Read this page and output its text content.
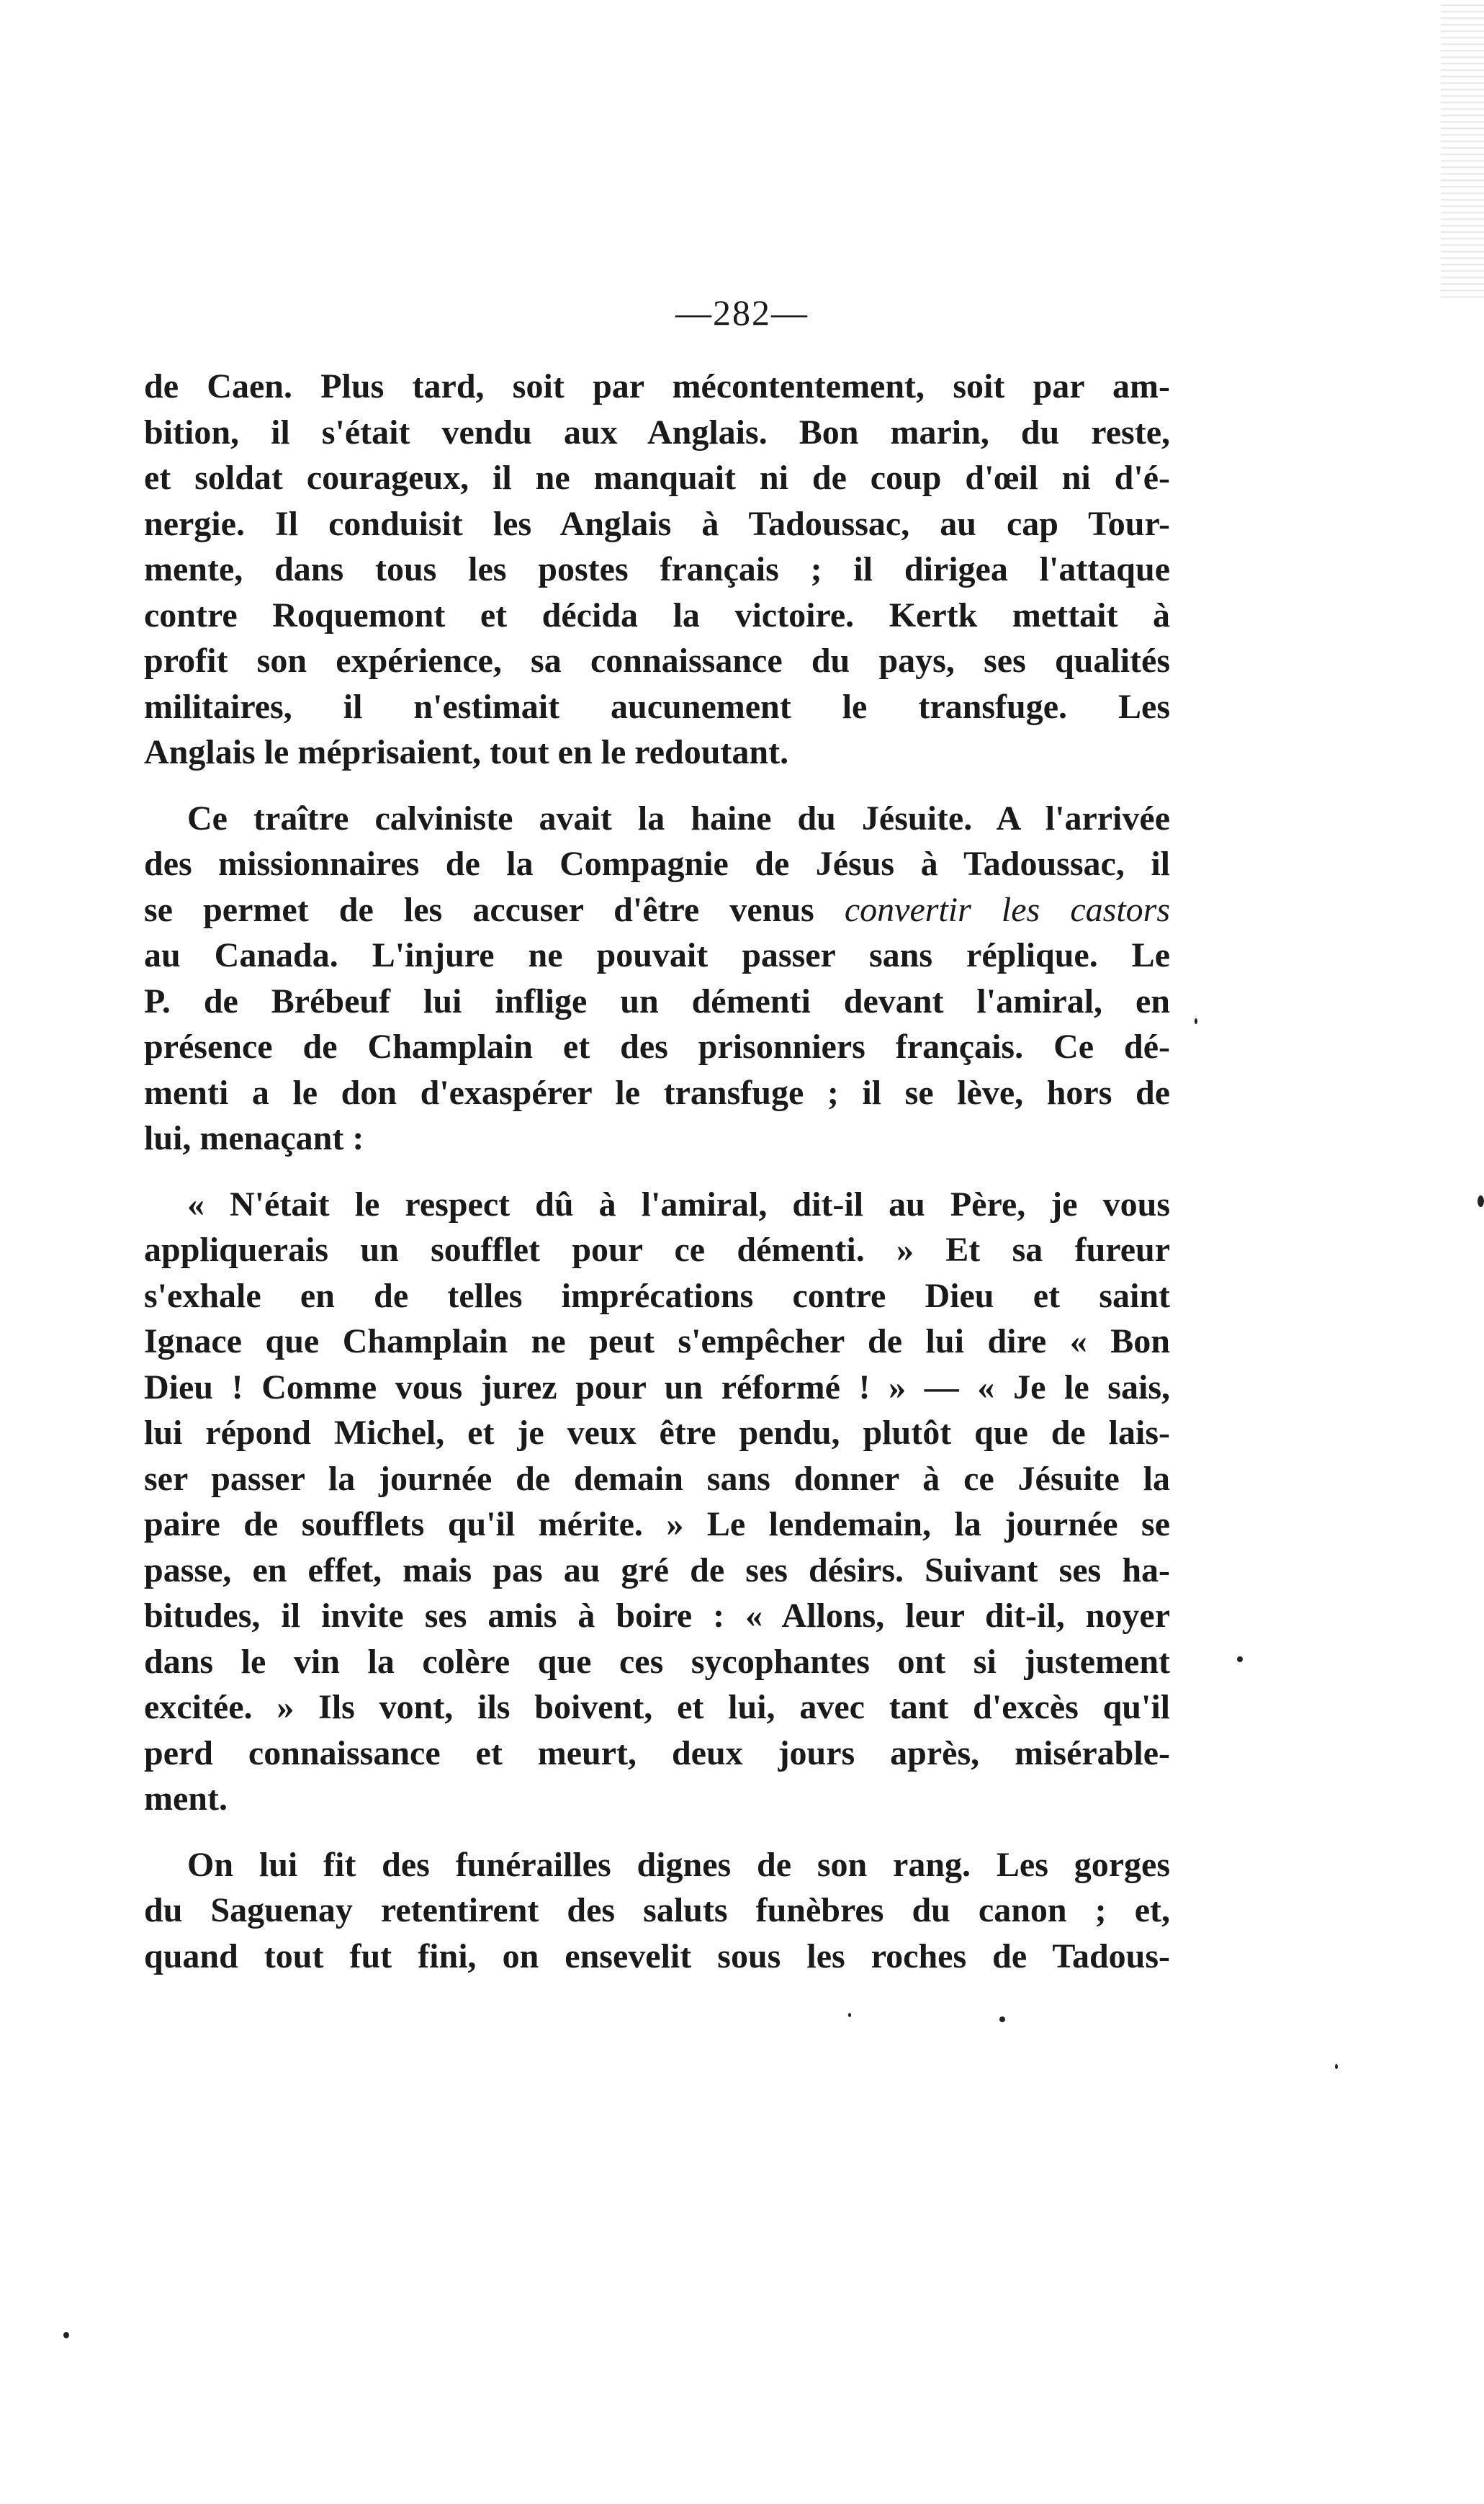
—282—

de Caen. Plus tard, soit par mécontentement, soit par am-
bition, il s'était vendu aux Anglais. Bon marin, du reste,
et soldat courageux, il ne manquait ni de coup d'œil ni d'é-
nergie. Il conduisit les Anglais à Tadoussac, au cap Tour-
mente, dans tous les postes français ; il dirigea l'attaque
contre Roquemont et décida la victoire. Kertk mettait à
profit son expérience, sa connaissance du pays, ses qualités
militaires, il n'estimait aucunement le transfuge. Les
Anglais le méprisaient, tout en le redoutant.

Ce traître calviniste avait la haine du Jésuite. A l'arrivée
des missionnaires de la Compagnie de Jésus à Tadoussac, il
se permet de les accuser d'être venus convertir les castors
au Canada. L'injure ne pouvait passer sans réplique. Le
P. de Brébeuf lui inflige un démenti devant l'amiral, en
présence de Champlain et des prisonniers français. Ce dé-
menti a le don d'exaspérer le transfuge ; il se lève, hors de
lui, menaçant :

« N'était le respect dû à l'amiral, dit-il au Père, je vous
appliquerais un soufflet pour ce démenti. » Et sa fureur
s'exhale en de telles imprécations contre Dieu et saint
Ignace que Champlain ne peut s'empêcher de lui dire « Bon
Dieu ! Comme vous jurez pour un réformé ! » — « Je le sais,
lui répond Michel, et je veux être pendu, plutôt que de lais-
ser passer la journée de demain sans donner à ce Jésuite la
paire de soufflets qu'il mérite. » Le lendemain, la journée se
passe, en effet, mais pas au gré de ses désirs. Suivant ses ha-
bitudes, il invite ses amis à boire : « Allons, leur dit-il, noyer
dans le vin la colère que ces sycophantes ont si justement
excitée. » Ils vont, ils boivent, et lui, avec tant d'excès qu'il
perd connaissance et meurt, deux jours après, misérable-
ment.

On lui fit des funérailles dignes de son rang. Les gorges
du Saguenay retentirent des saluts funèbres du canon ; et,
quand tout fut fini, on ensevelit sous les roches de Tadous-
